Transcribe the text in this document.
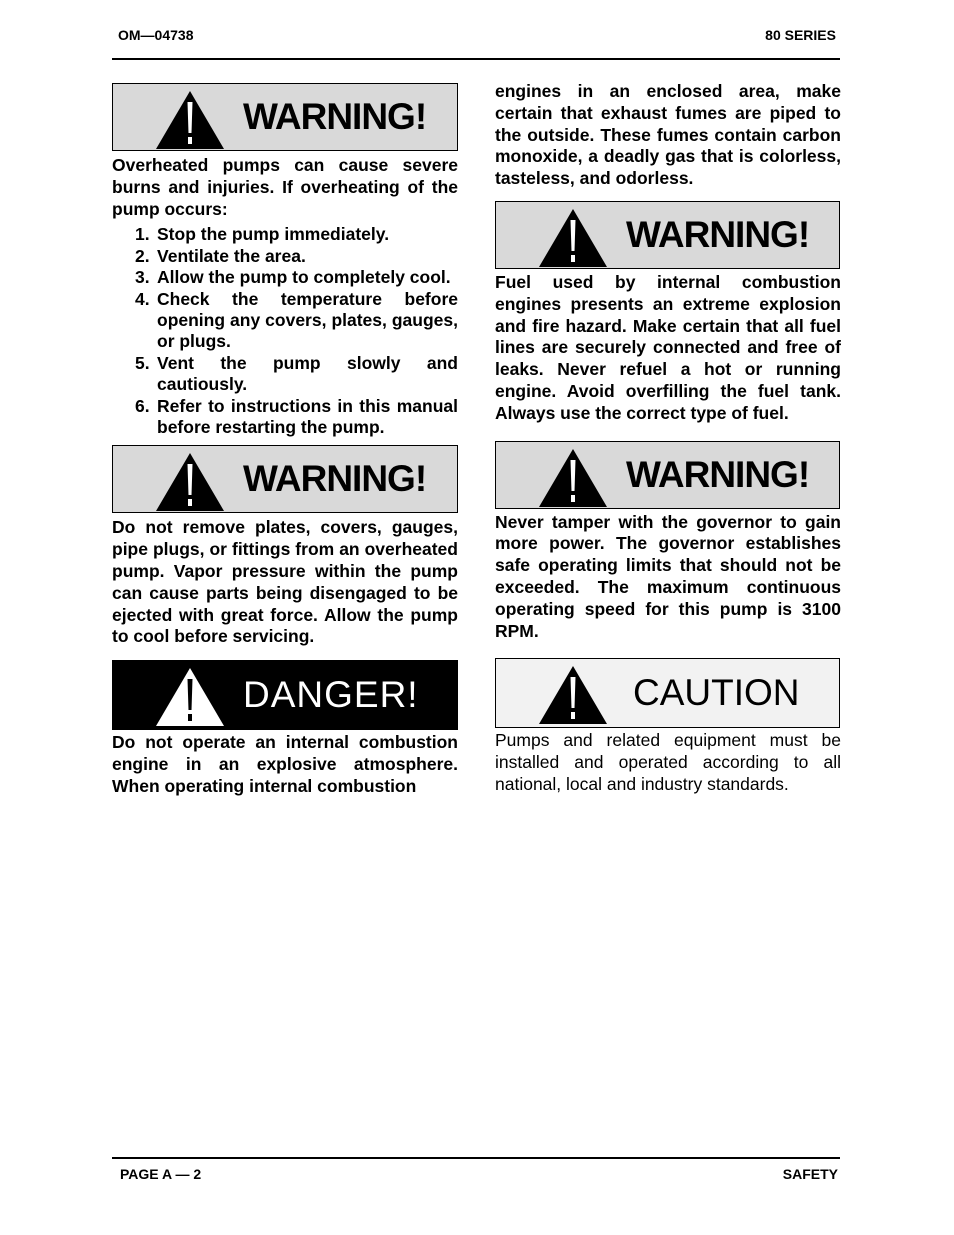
OM—04738	80 SERIES
WARNING!

Overheated pumps can cause severe burns and injuries. If overheating of the pump occurs:

1. Stop the pump immediately.
2. Ventilate the area.
3. Allow the pump to completely cool.
4. Check the temperature before opening any covers, plates, gauges, or plugs.
5. Vent the pump slowly and cautiously.
6. Refer to instructions in this manual before restarting the pump.
WARNING!

Do not remove plates, covers, gauges, pipe plugs, or fittings from an overheated pump. Vapor pressure within the pump can cause parts being disengaged to be ejected with great force. Allow the pump to cool before servicing.

DANGER!

Do not operate an internal combustion engine in an explosive atmosphere. When operating internal combustion

engines in an enclosed area, make certain that exhaust fumes are piped to the outside. These fumes contain carbon monoxide, a deadly gas that is colorless, tasteless, and odorless.

WARNING!

Fuel used by internal combustion engines presents an extreme explosion and fire hazard. Make certain that all fuel lines are securely connected and free of leaks. Never refuel a hot or running engine. Avoid overfilling the fuel tank. Always use the correct type of fuel.

WARNING!

Never tamper with the governor to gain more power. The governor establishes safe operating limits that should not be exceeded. The maximum continuous operating speed for this pump is 3100 RPM.

CAUTION

Pumps and related equipment must be installed and operated according to all national, local and industry standards.

PAGE A — 2	SAFETY
